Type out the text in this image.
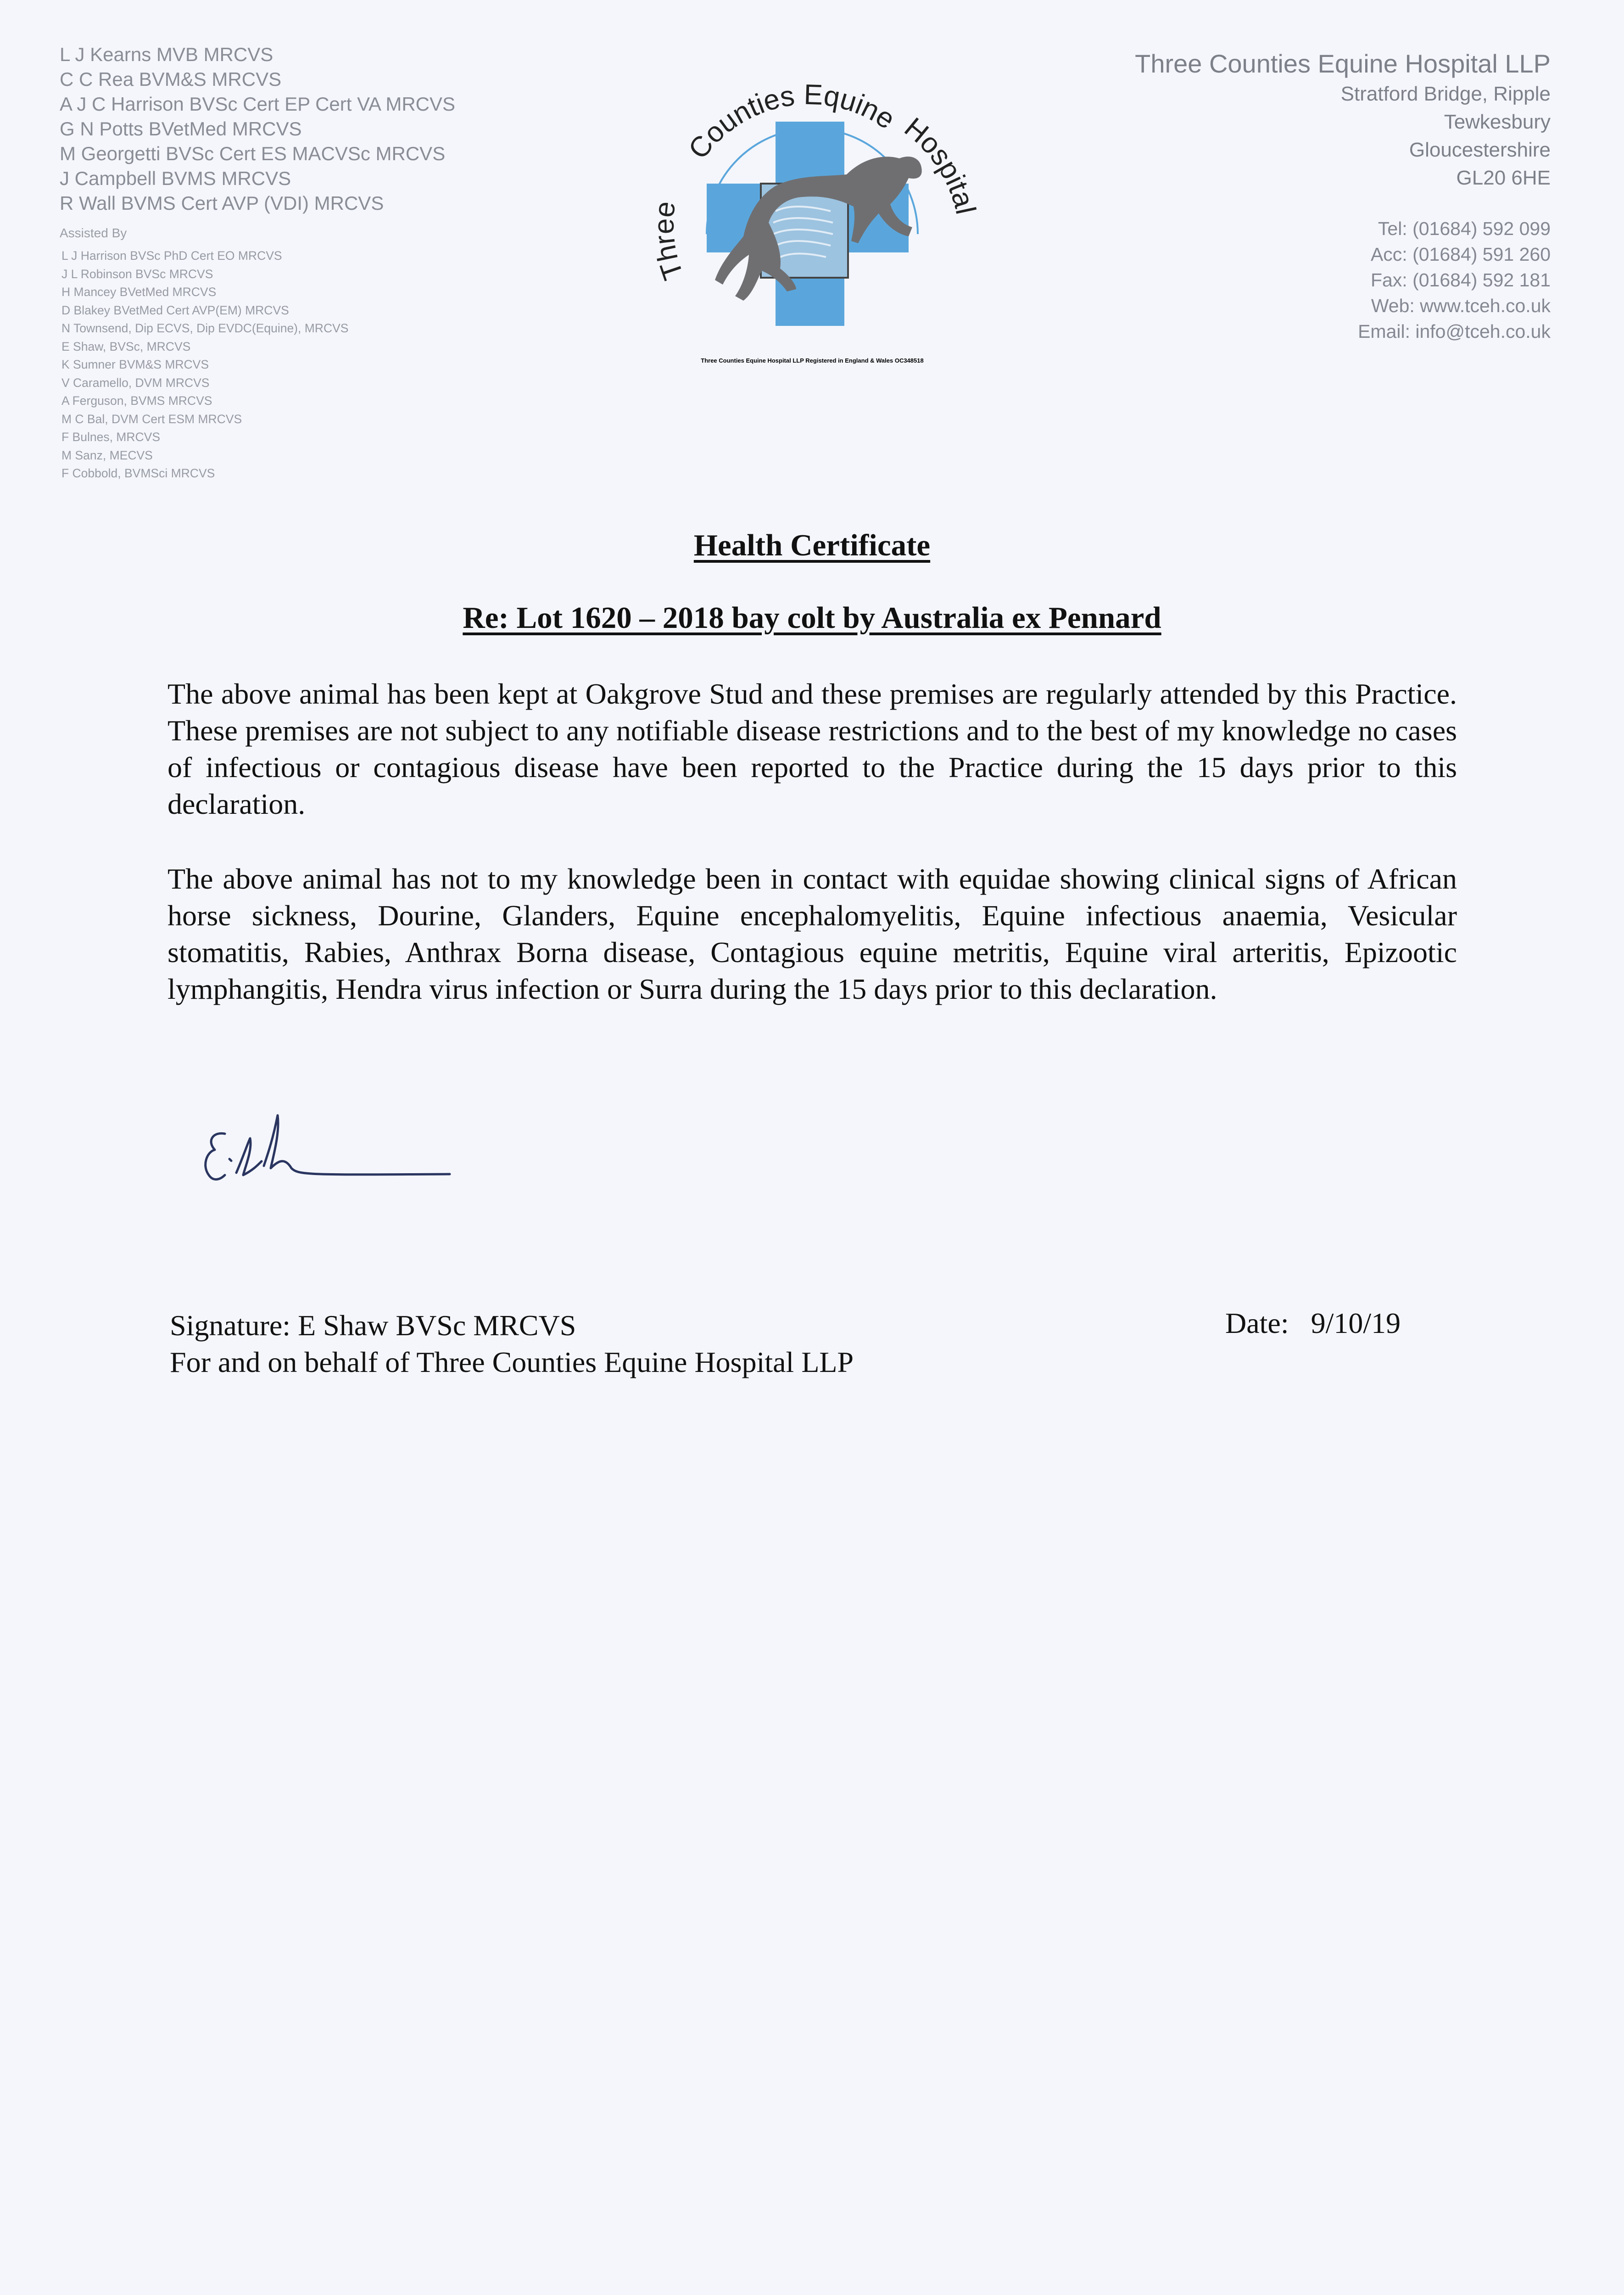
L J Kearns MVB MRCVS
C C Rea BVM&S MRCVS
A J C Harrison BVSc Cert EP Cert VA MRCVS
G N Potts BVetMed MRCVS
M Georgetti BVSc Cert ES MACVSc MRCVS
J Campbell BVMS MRCVS
R Wall BVMS Cert AVP (VDI) MRCVS
Assisted By
L J Harrison BVSc PhD Cert EO MRCVS
J L Robinson BVSc MRCVS
H Mancey BVetMed MRCVS
D Blakey BVetMed Cert AVP(EM) MRCVS
N Townsend, Dip ECVS, Dip EVDC(Equine), MRCVS
E Shaw, BVSc, MRCVS
K Sumner BVM&S MRCVS
V Caramello, DVM MRCVS
A Ferguson, BVMS MRCVS
M C Bal, DVM Cert ESM MRCVS
F Bulnes, MRCVS
M Sanz, MECVS
F Cobbold, BVMSci MRCVS
Three
Counties Equine
Hospital
Three Counties Equine Hospital LLP Registered in England & Wales OC348518
Three Counties Equine Hospital LLP
Stratford Bridge, Ripple
Tewkesbury
Gloucestershire
GL20 6HE
Tel: (01684) 592 099
Acc: (01684) 591 260
Fax: (01684) 592 181
Web: www.tceh.co.uk
Email: info@tceh.co.uk
Health Certificate
Re: Lot 1620 – 2018 bay colt by Australia ex Pennard

The above animal has been kept at Oakgrove Stud and these premises are regularly attended by this Practice. These premises are not subject to any notifiable disease restrictions and to the best of my knowledge no cases of infectious or contagious disease have been reported to the Practice during the 15 days prior to this declaration.

The above animal has not to my knowledge been in contact with equidae showing clinical signs of African horse sickness, Dourine, Glanders, Equine encephalomyelitis, Equine infectious anaemia, Vesicular stomatitis, Rabies, Anthrax Borna disease, Contagious equine metritis, Equine viral arteritis, Epizootic lymphangitis, Hendra virus infection or Surra during the 15 days prior to this declaration.

Signature: E Shaw BVSc MRCVS
For and on behalf of Three Counties Equine Hospital LLP
Date: 9/10/19
